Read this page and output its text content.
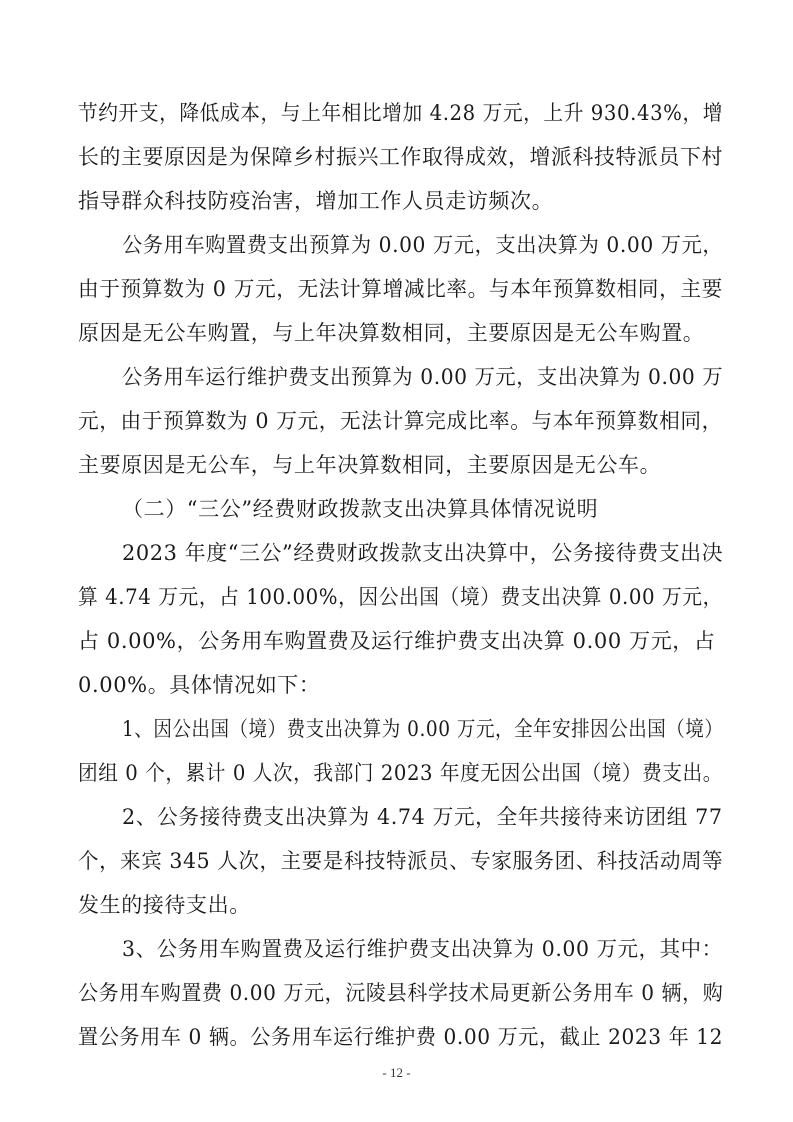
节约开支，降低成本，与上年相比增加 4.28 万元，上升 930.43%，增
长的主要原因是为保障乡村振兴工作取得成效，增派科技特派员下村
指导群众科技防疫治害，增加工作人员走访频次。
公务用车购置费支出预算为 0.00 万元，支出决算为 0.00 万元，
由于预算数为 0 万元，无法计算增减比率。与本年预算数相同，主要
原因是无公车购置，与上年决算数相同，主要原因是无公车购置。
公务用车运行维护费支出预算为 0.00 万元，支出决算为 0.00 万
元，由于预算数为 0 万元，无法计算完成比率。与本年预算数相同，
主要原因是无公车，与上年决算数相同，主要原因是无公车。
（二）“三公”经费财政拨款支出决算具体情况说明
2023 年度“三公”经费财政拨款支出决算中，公务接待费支出决
算 4.74 万元，占 100.00%，因公出国（境）费支出决算 0.00 万元，
占 0.00%，公务用车购置费及运行维护费支出决算 0.00 万元，占
0.00%。具体情况如下：
1、因公出国（境）费支出决算为 0.00 万元，全年安排因公出国（境）
团组 0 个，累计 0 人次，我部门 2023 年度无因公出国（境）费支出。
2、公务接待费支出决算为 4.74 万元，全年共接待来访团组 77
个，来宾 345 人次，主要是科技特派员、专家服务团、科技活动周等
发生的接待支出。
3、公务用车购置费及运行维护费支出决算为 0.00 万元，其中：
公务用车购置费 0.00 万元，沅陵县科学技术局更新公务用车 0 辆，购
置公务用车 0 辆。公务用车运行维护费 0.00 万元，截止 2023 年 12
- 12 -
